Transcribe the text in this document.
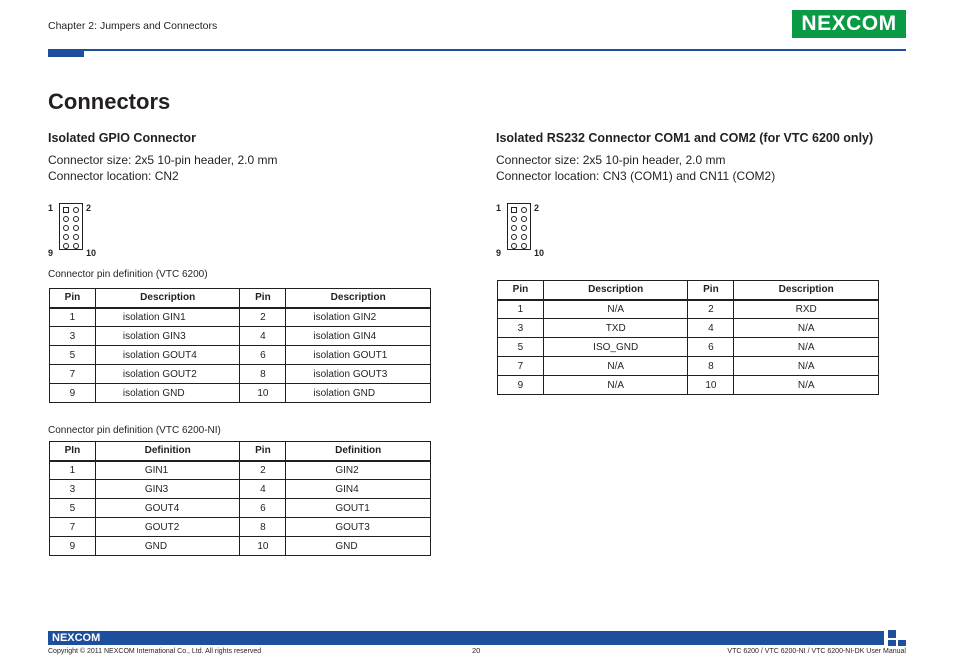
Chapter 2: Jumpers and Connectors	NEXCOM
Connectors
Isolated GPIO Connector
Connector size: 2x5 10-pin header, 2.0 mm
Connector location: CN2
1	2
9	10
Connector pin definition (VTC 6200)
Pin	Description	Pin	Description
1	isolation GIN1	2	isolation GIN2
3	isolation GIN3	4	isolation GIN4
5	isolation GOUT4	6	isolation GOUT1
7	isolation GOUT2	8	isolation GOUT3
9	isolation GND	10	isolation GND
Connector pin definition (VTC 6200-NI)
PIn	Definition	Pin	Definition
1	GIN1	2	GIN2
3	GIN3	4	GIN4
5	GOUT4	6	GOUT1
7	GOUT2	8	GOUT3
9	GND	10	GND
Isolated RS232 Connector COM1 and COM2 (for VTC 6200 only)
Connector size: 2x5 10-pin header, 2.0 mm
Connector location: CN3 (COM1) and CN11 (COM2)
1	2
9	10
Pin	Description	Pin	Description
1	N/A	2	RXD
3	TXD	4	N/A
5	ISO_GND	6	N/A
7	N/A	8	N/A
9	N/A	10	N/A
NEXCOM
Copyright © 2011 NEXCOM International Co., Ltd. All rights reserved	20	VTC 6200 / VTC 6200-NI / VTC 6200-NI-DK User Manual
